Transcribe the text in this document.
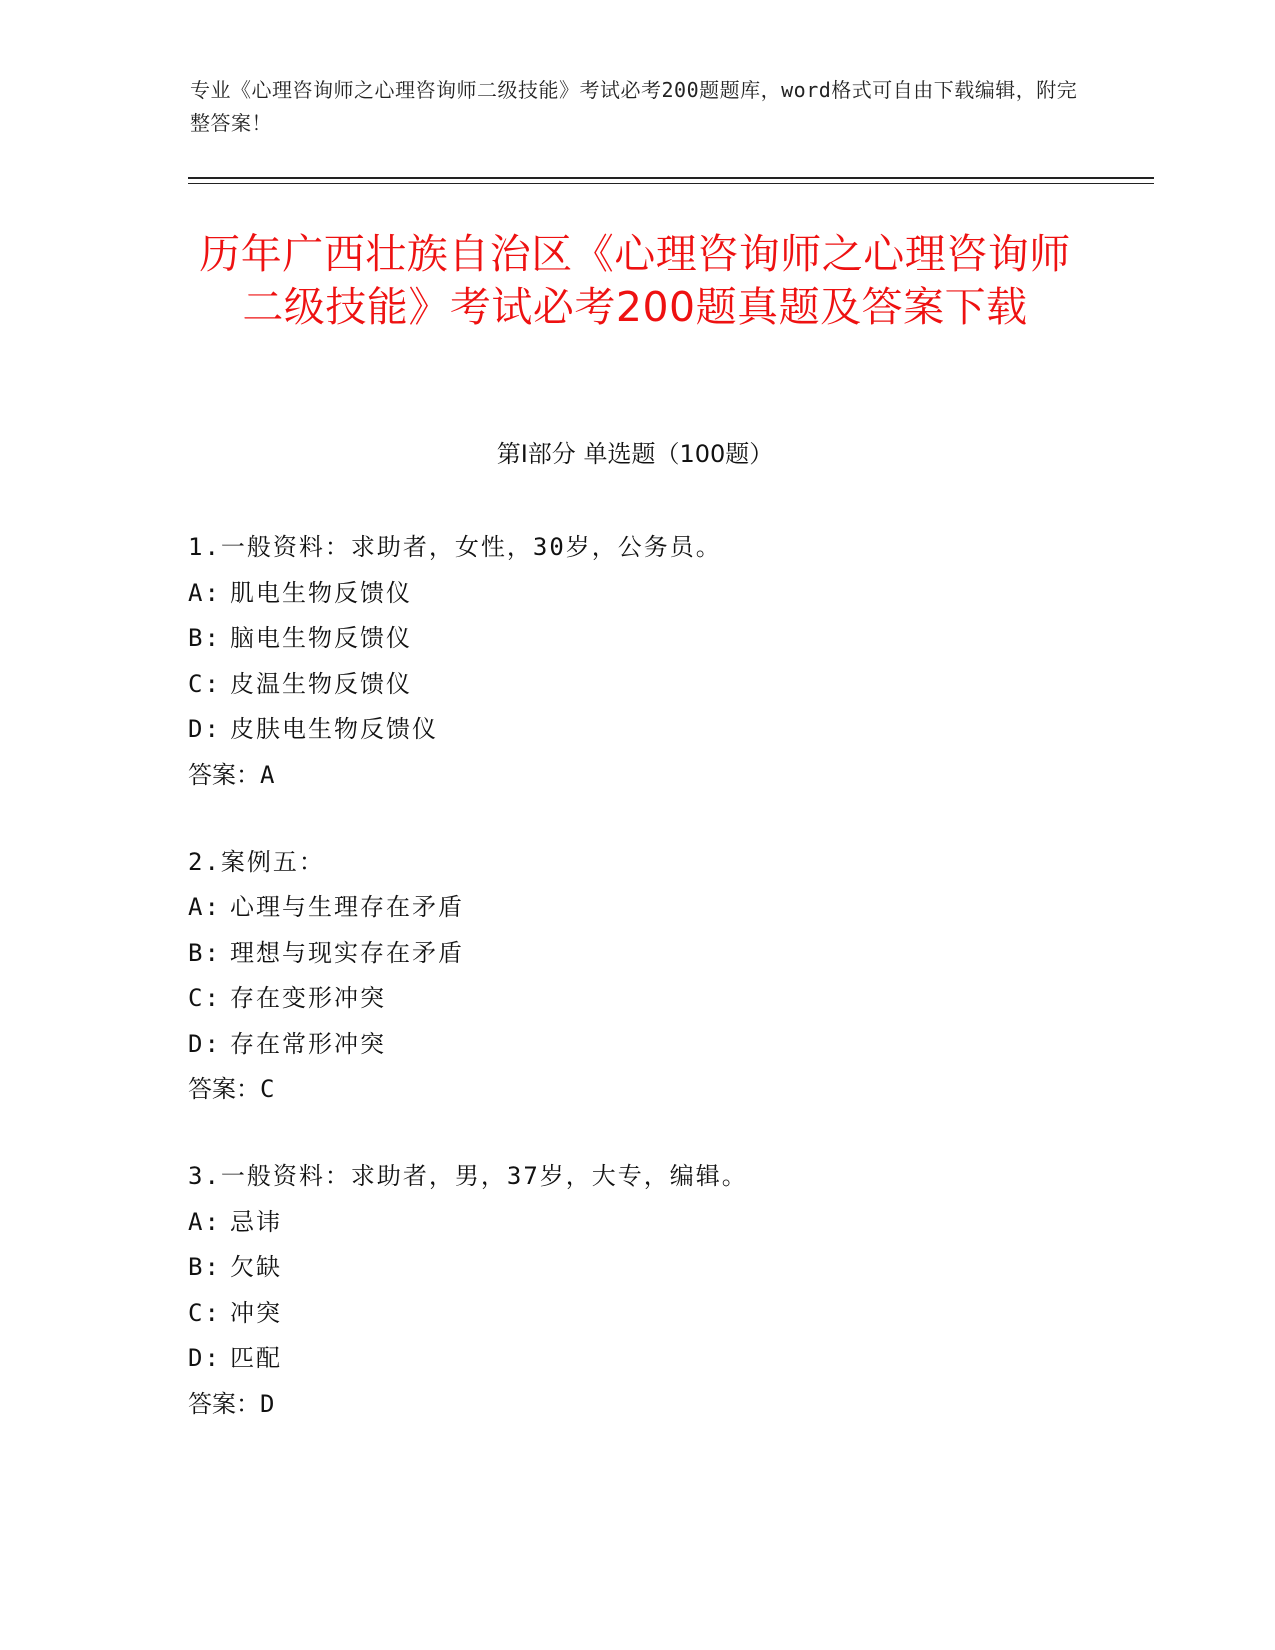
专业《心理咨询师之心理咨询师二级技能》考试必考200题题库，word格式可自由下载编辑，附完整答案！
历年广西壮族自治区《心理咨询师之心理咨询师二级技能》考试必考200题真题及答案下载
第I部分 单选题（100题）
1.一般资料：求助者，女性，30岁，公务员。
A: 肌电生物反馈仪
B: 脑电生物反馈仪
C: 皮温生物反馈仪
D: 皮肤电生物反馈仪
答案：A
2.案例五：
A: 心理与生理存在矛盾
B: 理想与现实存在矛盾
C: 存在变形冲突
D: 存在常形冲突
答案：C
3.一般资料：求助者，男，37岁，大专，编辑。
A: 忌讳
B: 欠缺
C: 冲突
D: 匹配
答案：D
